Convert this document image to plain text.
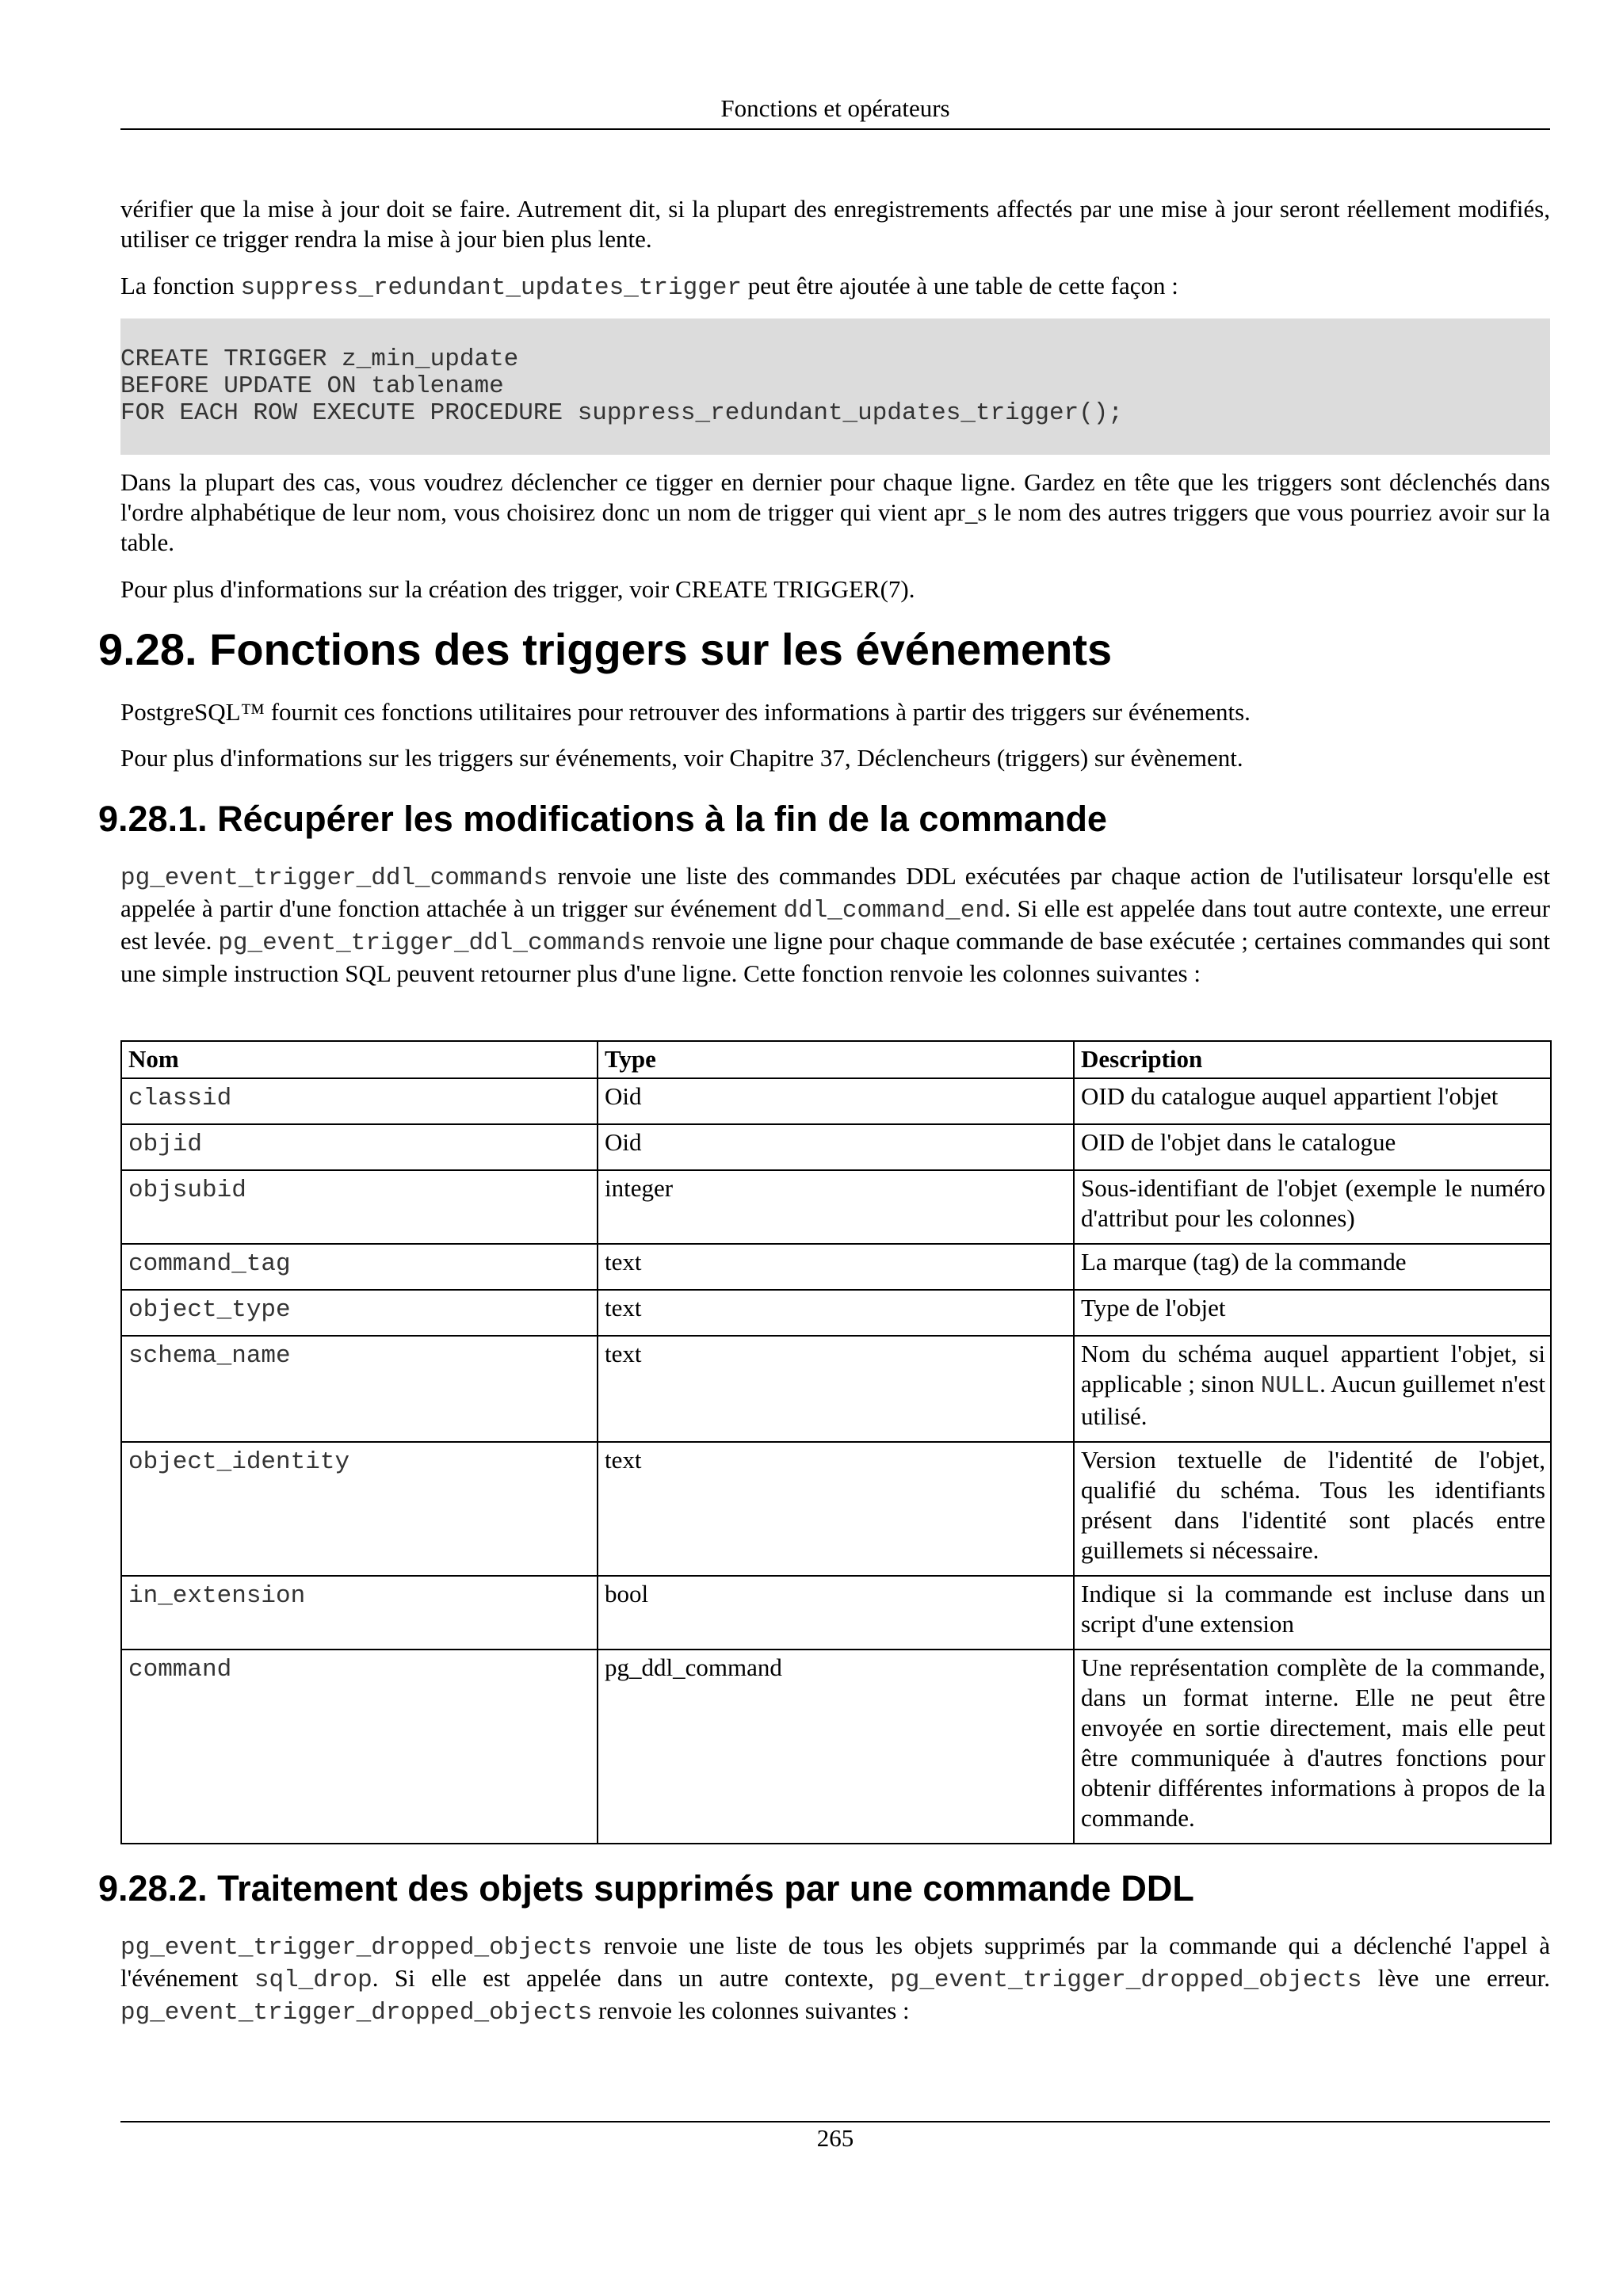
Fonctions et opérateurs

vérifier que la mise à jour doit se faire. Autrement dit, si la plupart des enregistrements affectés par une mise à jour seront réellement modifiés, utiliser ce trigger rendra la mise à jour bien plus lente.

La fonction suppress_redundant_updates_trigger peut être ajoutée à une table de cette façon :

CREATE TRIGGER z_min_update
BEFORE UPDATE ON tablename
FOR EACH ROW EXECUTE PROCEDURE suppress_redundant_updates_trigger();

Dans la plupart des cas, vous voudrez déclencher ce tigger en dernier pour chaque ligne. Gardez en tête que les triggers sont déclenchés dans l'ordre alphabétique de leur nom, vous choisirez donc un nom de trigger qui vient apr_s le nom des autres triggers que vous pourriez avoir sur la table.

Pour plus d'informations sur la création des trigger, voir CREATE TRIGGER(7).

9.28. Fonctions des triggers sur les événements

PostgreSQL™ fournit ces fonctions utilitaires pour retrouver des informations à partir des triggers sur événements.

Pour plus d'informations sur les triggers sur événements, voir Chapitre 37, Déclencheurs (triggers) sur évènement.

9.28.1. Récupérer les modifications à la fin de la commande

pg_event_trigger_ddl_commands renvoie une liste des commandes DDL exécutées par chaque action de l'utilisateur lorsqu'elle est appelée à partir d'une fonction attachée à un trigger sur événement ddl_command_end. Si elle est appelée dans tout autre contexte, une erreur est levée. pg_event_trigger_ddl_commands renvoie une ligne pour chaque commande de base exécutée ; certaines commandes qui sont une simple instruction SQL peuvent retourner plus d'une ligne. Cette fonction renvoie les colonnes suivantes :

Nom	Type	Description
classid	Oid	OID du catalogue auquel appartient l'objet
objid	Oid	OID de l'objet dans le catalogue
objsubid	integer	Sous-identifiant de l'objet (exemple le numéro d'attribut pour les colonnes)
command_tag	text	La marque (tag) de la commande
object_type	text	Type de l'objet
schema_name	text	Nom du schéma auquel appartient l'objet, si applicable ; sinon NULL. Aucun guillemet n'est utilisé.
object_identity	text	Version textuelle de l'identité de l'objet, qualifié du schéma. Tous les identifiants présent dans l'identité sont placés entre guillemets si nécessaire.
in_extension	bool	Indique si la commande est incluse dans un script d'une extension
command	pg_ddl_command	Une représentation complète de la commande, dans un format interne. Elle ne peut être envoyée en sortie directement, mais elle peut être communiquée à d'autres fonctions pour obtenir différentes informations à propos de la commande.
9.28.2. Traitement des objets supprimés par une commande DDL

pg_event_trigger_dropped_objects renvoie une liste de tous les objets supprimés par la commande qui a déclenché l'appel à l'événement sql_drop. Si elle est appelée dans un autre contexte, pg_event_trigger_dropped_objects lève une erreur. pg_event_trigger_dropped_objects renvoie les colonnes suivantes :

265
